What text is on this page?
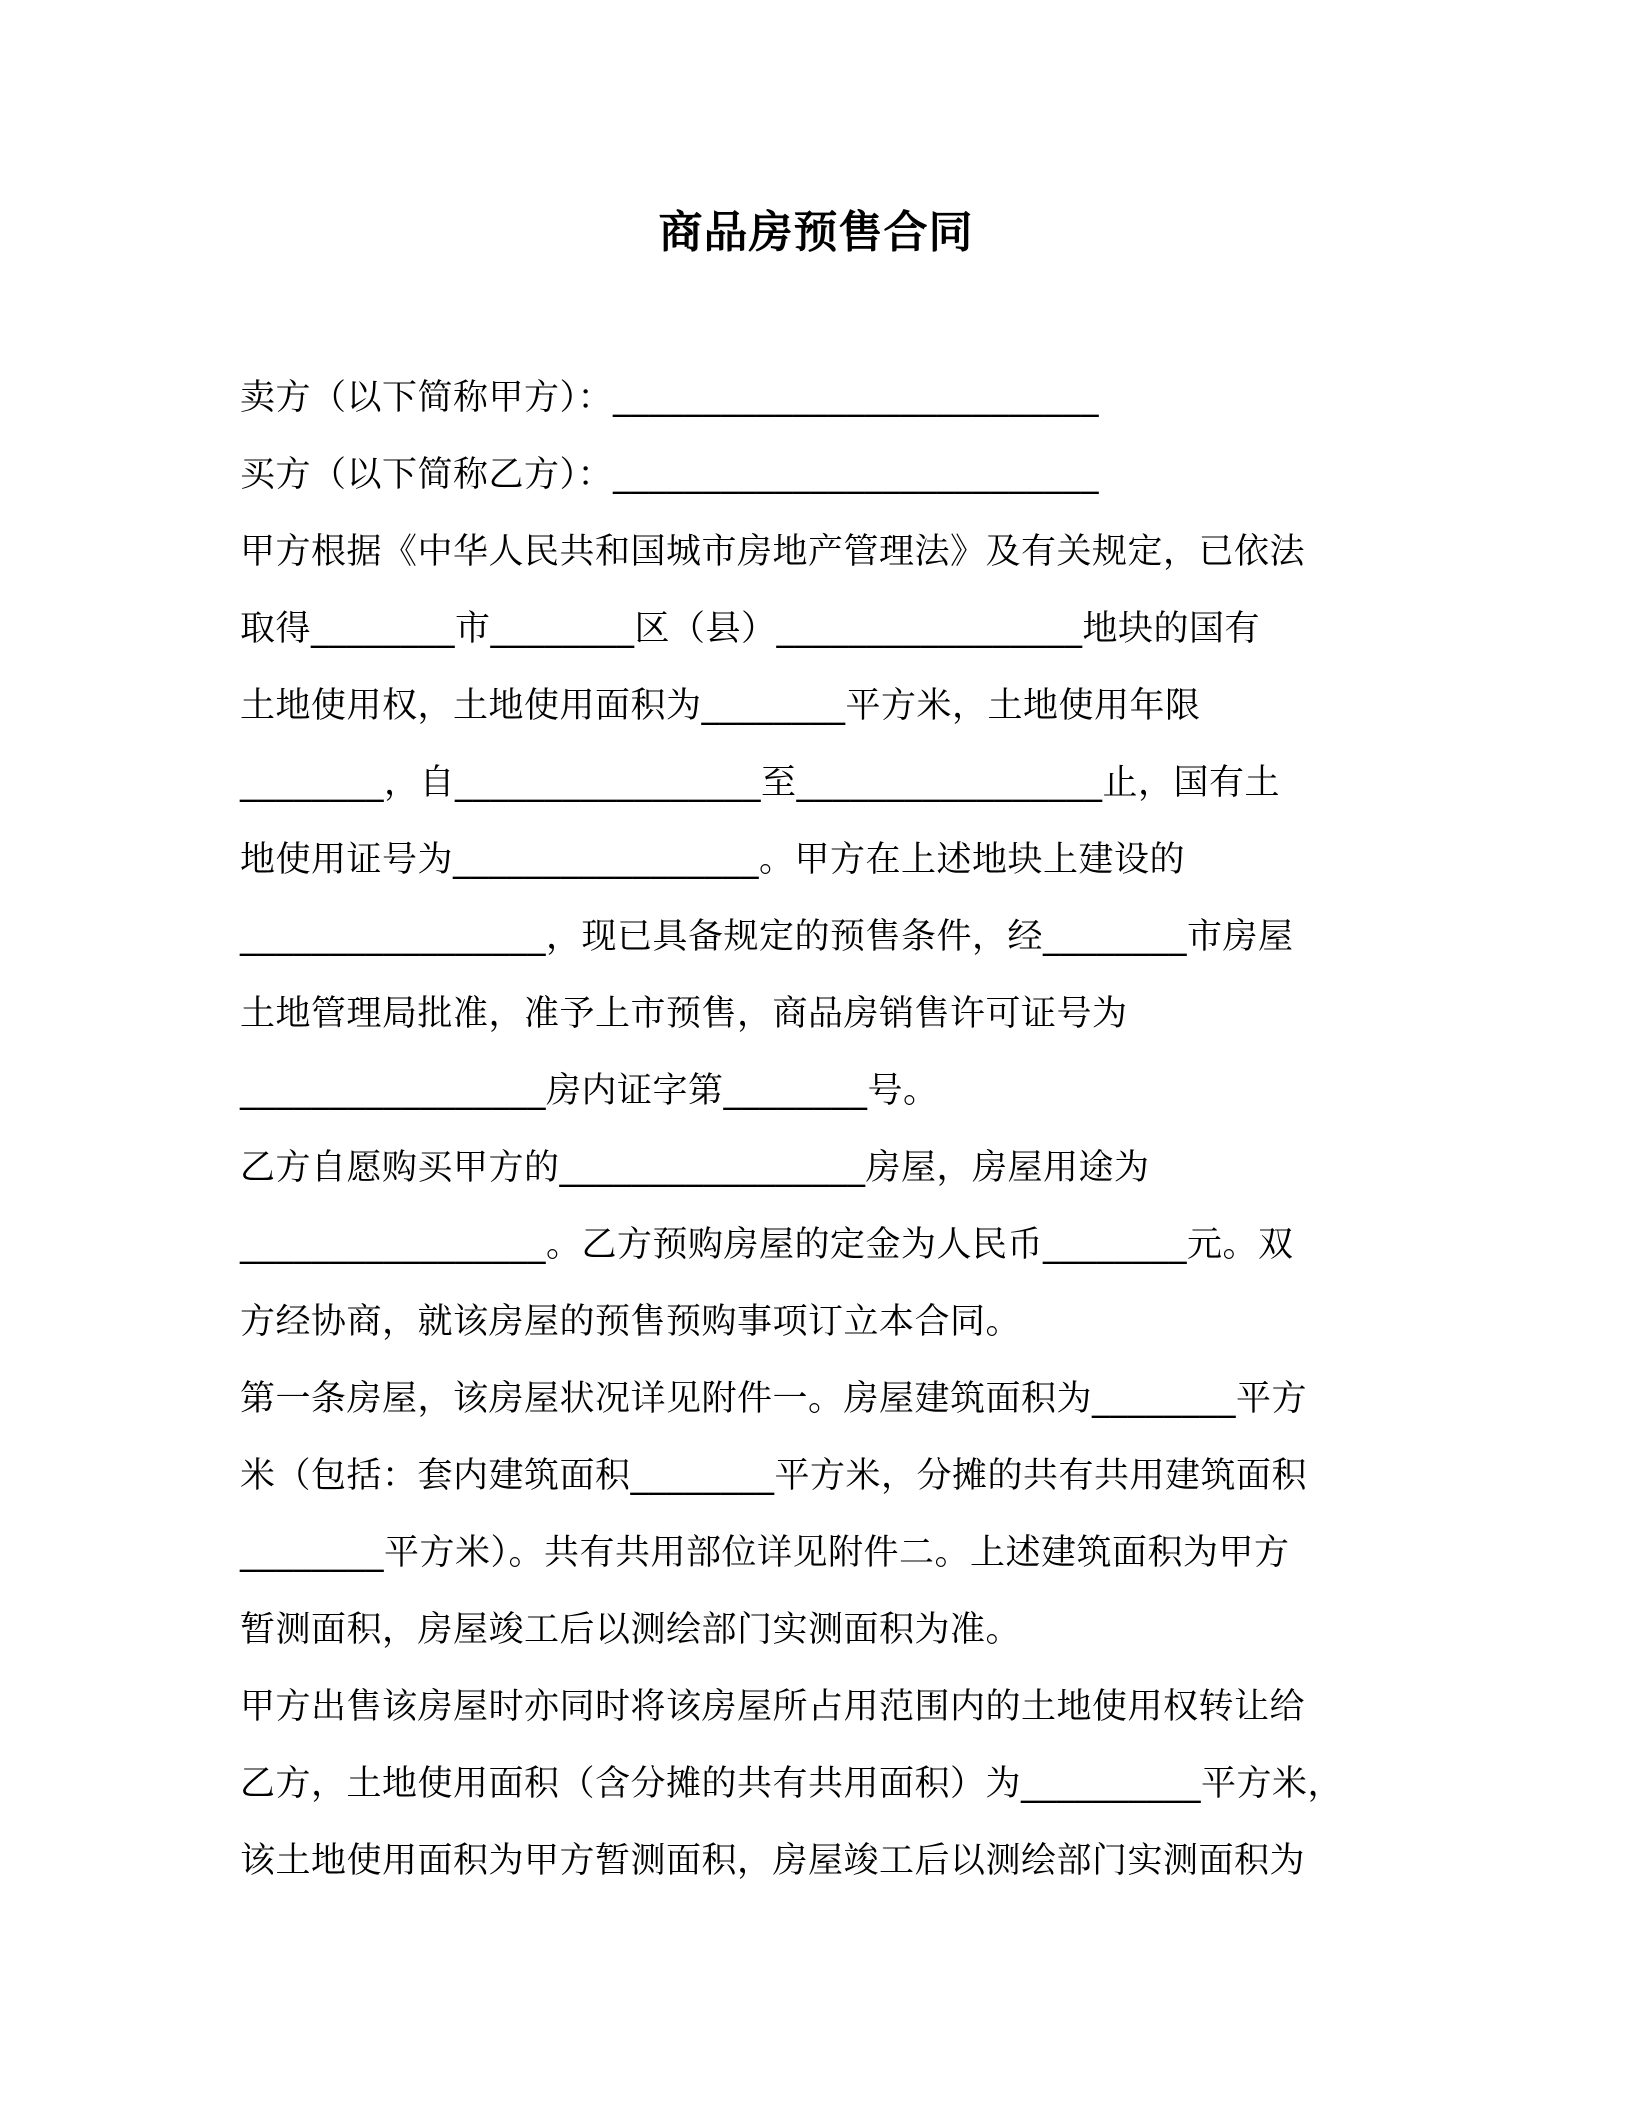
商品房预售合同
卖方（以下简称甲方）：___________________________
买方（以下简称乙方）：___________________________
甲方根据《中华人民共和国城市房地产管理法》及有关规定，已依法
取得________市________区（县）_________________地块的国有
土地使用权，土地使用面积为________平方米，土地使用年限
________，自_________________至_________________止，国有土
地使用证号为_________________。甲方在上述地块上建设的
_________________，现已具备规定的预售条件，经________市房屋
土地管理局批准，准予上市预售，商品房销售许可证号为
_________________房内证字第________号。
乙方自愿购买甲方的_________________房屋，房屋用途为
_________________。乙方预购房屋的定金为人民币________元。双
方经协商，就该房屋的预售预购事项订立本合同。
第一条房屋，该房屋状况详见附件一。房屋建筑面积为________平方
米（包括：套内建筑面积________平方米，分摊的共有共用建筑面积
________平方米）。共有共用部位详见附件二。上述建筑面积为甲方
暂测面积，房屋竣工后以测绘部门实测面积为准。
甲方出售该房屋时亦同时将该房屋所占用范围内的土地使用权转让给
乙方，土地使用面积（含分摊的共有共用面积）为__________平方米，
该土地使用面积为甲方暂测面积，房屋竣工后以测绘部门实测面积为
